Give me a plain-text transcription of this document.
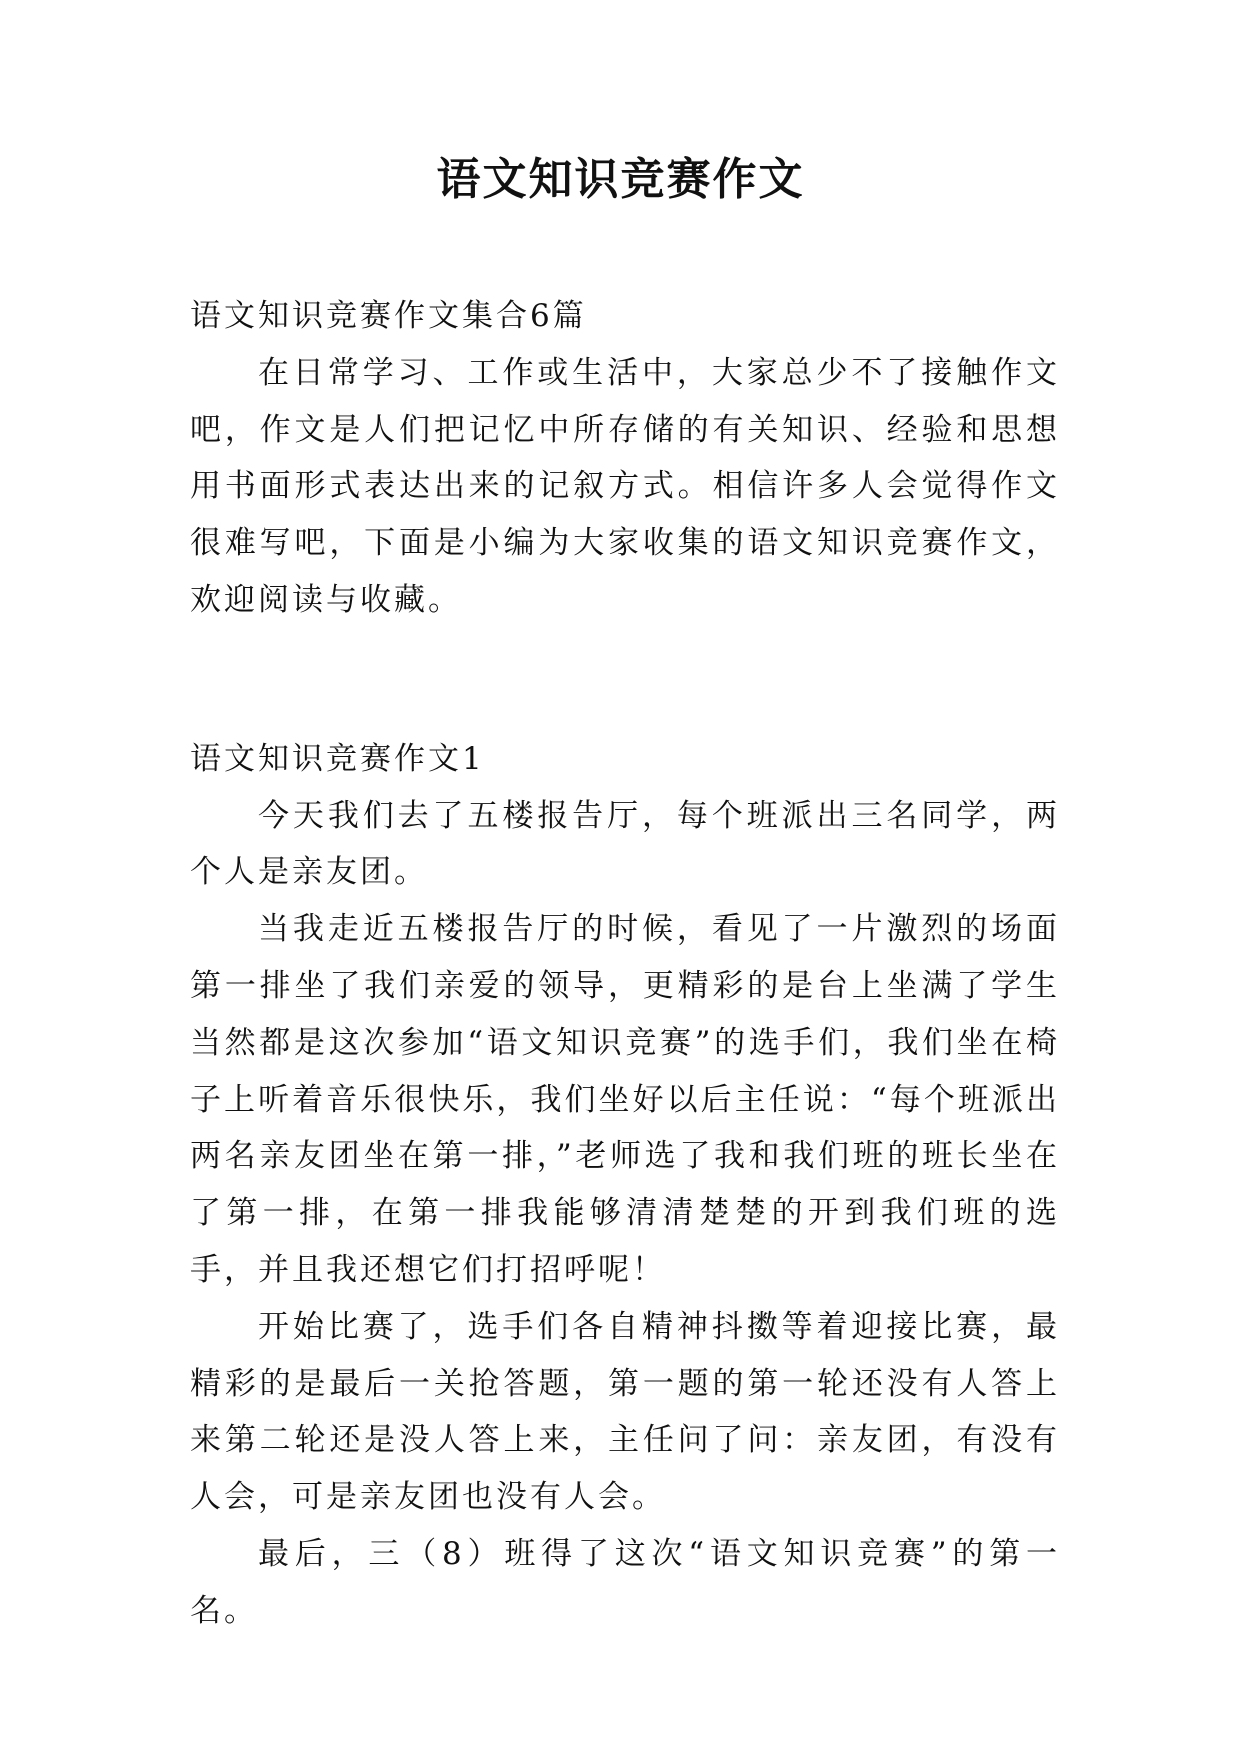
语文知识竞赛作文

语文知识竞赛作文集合6篇

在日常学习、工作或生活中，大家总少不了接触作文吧，作文是人们把记忆中所存储的有关知识、经验和思想用书面形式表达出来的记叙方式。相信许多人会觉得作文很难写吧，下面是小编为大家收集的语文知识竞赛作文，欢迎阅读与收藏。

语文知识竞赛作文1

今天我们去了五楼报告厅，每个班派出三名同学，两个人是亲友团。

当我走近五楼报告厅的时候，看见了一片激烈的场面第一排坐了我们亲爱的领导，更精彩的是台上坐满了学生当然都是这次参加“语文知识竞赛”的选手们，我们坐在椅子上听着音乐很快乐，我们坐好以后主任说：“每个班派出两名亲友团坐在第一排，”老师选了我和我们班的班长坐在了第一排，在第一排我能够清清楚楚的开到我们班的选手，并且我还想它们打招呼呢！

开始比赛了，选手们各自精神抖擞等着迎接比赛，最精彩的是最后一关抢答题，第一题的第一轮还没有人答上来第二轮还是没人答上来，主任问了问：亲友团，有没有人会，可是亲友团也没有人会。

最后，三（8）班得了这次“语文知识竞赛”的第一名。
